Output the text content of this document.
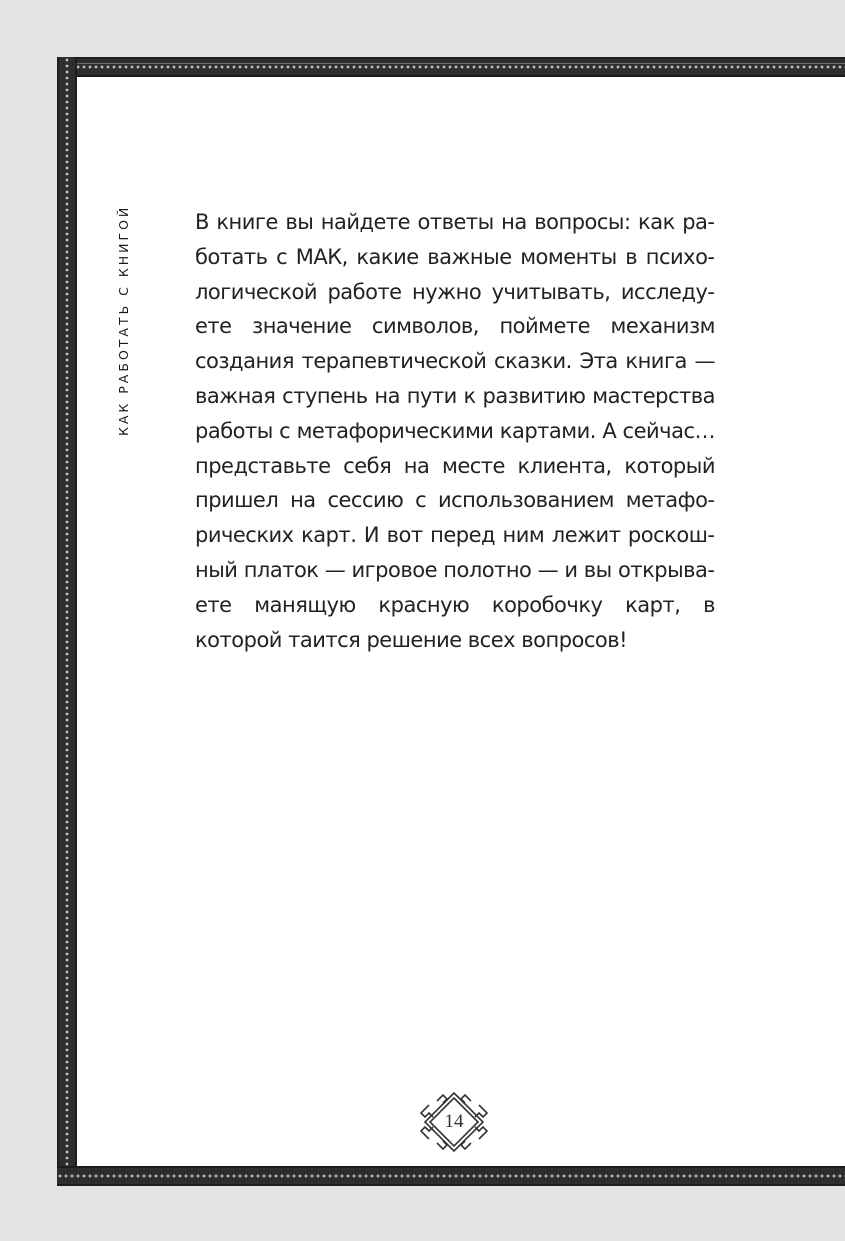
КАК РАБОТАТЬ С КНИГОЙ	В книге вы найдете ответы на вопросы: как работать с МАК, какие важные моменты в психологической работе нужно учитывать, исследуете значение символов, поймете механизм создания терапевтической сказки. Эта книга — важная ступень на пути к развитию мастерства работы с метафорическими картами. А сейчас… представьте себя на месте клиента, который пришел на сессию с использованием метафорических карт. И вот перед ним лежит роскошный платок — игровое полотно — и вы открываете манящую красную коробочку карт, в которой таится решение всех вопросов!

14
